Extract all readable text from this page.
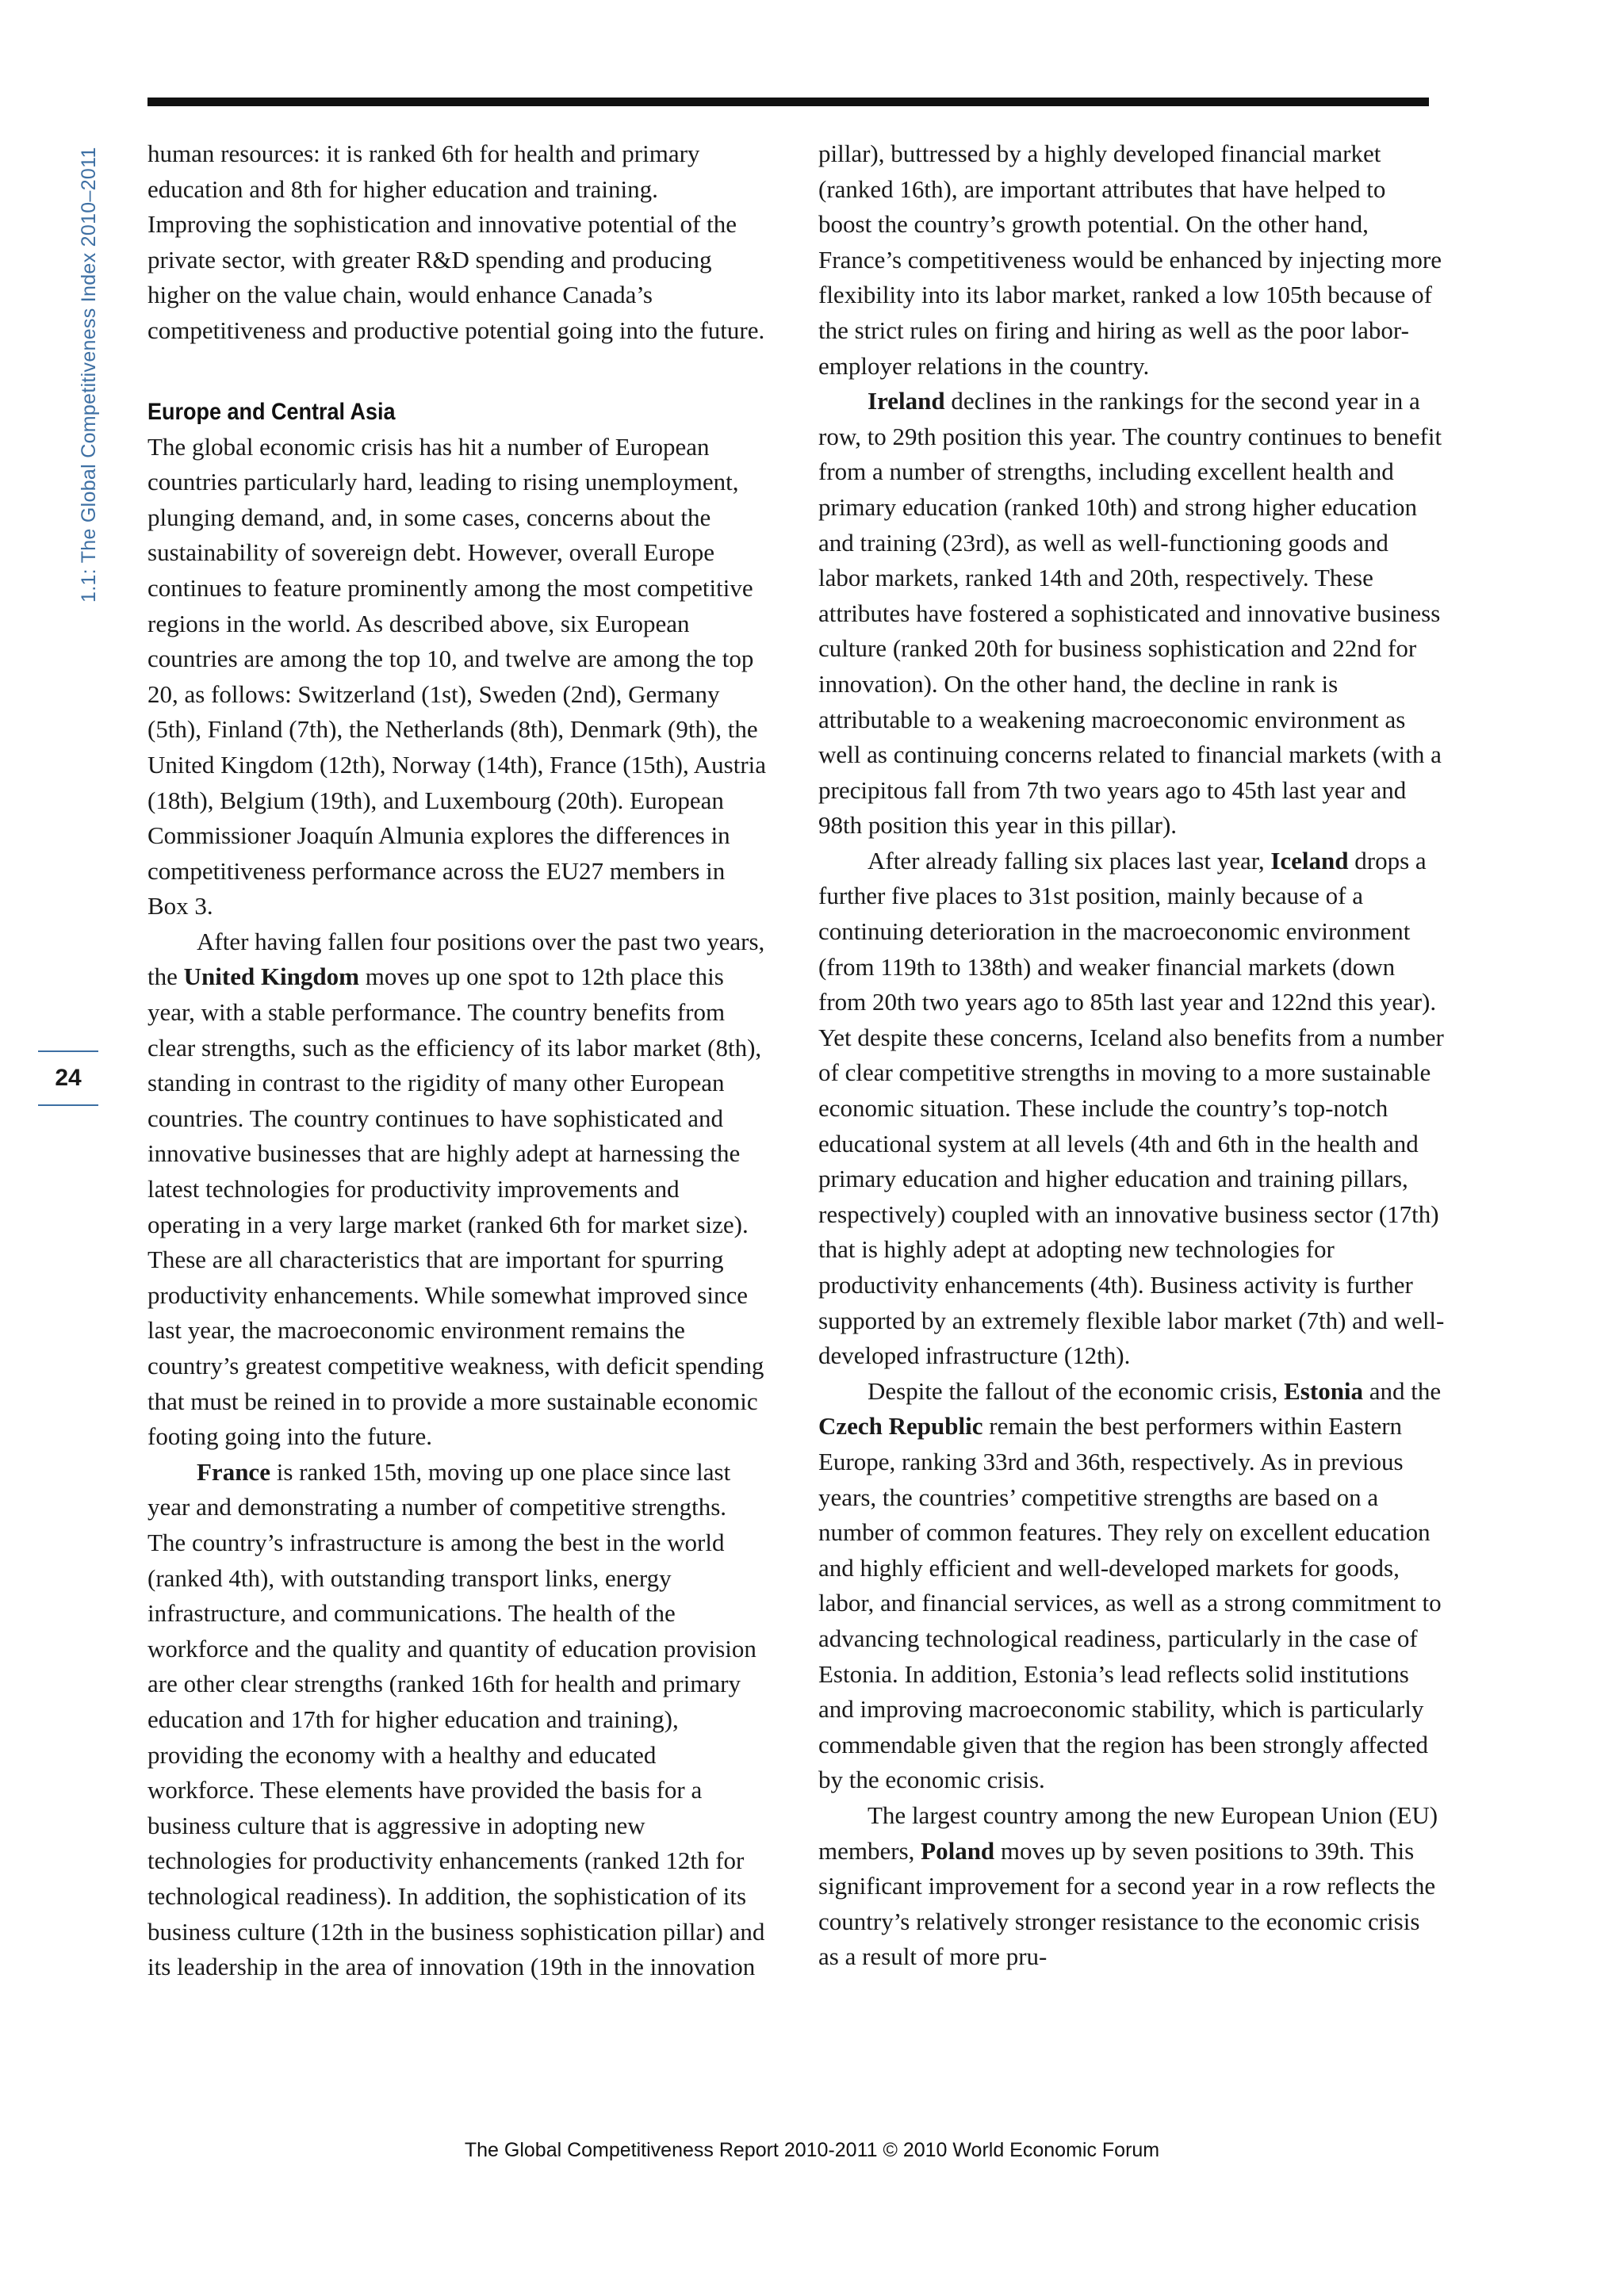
1.1: The Global Competitiveness Index 2010–2011
24

human resources: it is ranked 6th for health and primary education and 8th for higher education and training. Improving the sophistication and innovative potential of the private sector, with greater R&D spending and producing higher on the value chain, would enhance Canada’s competitiveness and productive potential going into the future.

Europe and Central Asia

The global economic crisis has hit a number of European countries particularly hard, leading to rising unemployment, plunging demand, and, in some cases, concerns about the sustainability of sovereign debt. However, overall Europe continues to feature prominently among the most competitive regions in the world. As described above, six European countries are among the top 10, and twelve are among the top 20, as follows: Switzerland (1st), Sweden (2nd), Germany (5th), Finland (7th), the Netherlands (8th), Denmark (9th), the United Kingdom (12th), Norway (14th), France (15th), Austria (18th), Belgium (19th), and Luxembourg (20th). European Commissioner Joaquín Almunia explores the differences in competitiveness performance across the EU27 members in Box 3.

After having fallen four positions over the past two years, the United Kingdom moves up one spot to 12th place this year, with a stable performance. The country benefits from clear strengths, such as the efficiency of its labor market (8th), standing in contrast to the rigidity of many other European countries. The country continues to have sophisticated and innovative businesses that are highly adept at harnessing the latest technologies for productivity improvements and operating in a very large market (ranked 6th for market size). These are all characteristics that are important for spurring productivity enhancements. While somewhat improved since last year, the macroeconomic environment remains the country’s greatest competitive weakness, with deficit spending that must be reined in to provide a more sustainable economic footing going into the future.

France is ranked 15th, moving up one place since last year and demonstrating a number of competitive strengths. The country’s infrastructure is among the best in the world (ranked 4th), with outstanding transport links, energy infrastructure, and communications. The health of the workforce and the quality and quantity of education provision are other clear strengths (ranked 16th for health and primary education and 17th for higher education and training), providing the economy with a healthy and educated workforce. These elements have provided the basis for a business culture that is aggressive in adopting new technologies for productivity enhancements (ranked 12th for technological readiness). In addition, the sophistication of its business culture (12th in the business sophistication pillar) and its leadership in the area of innovation (19th in the innovation

pillar), buttressed by a highly developed financial market (ranked 16th), are important attributes that have helped to boost the country’s growth potential. On the other hand, France’s competitiveness would be enhanced by injecting more flexibility into its labor market, ranked a low 105th because of the strict rules on firing and hiring as well as the poor labor-employer relations in the country.

Ireland declines in the rankings for the second year in a row, to 29th position this year. The country continues to benefit from a number of strengths, including excellent health and primary education (ranked 10th) and strong higher education and training (23rd), as well as well-functioning goods and labor markets, ranked 14th and 20th, respectively. These attributes have fostered a sophisticated and innovative business culture (ranked 20th for business sophistication and 22nd for innovation). On the other hand, the decline in rank is attributable to a weakening macroeconomic environment as well as continuing concerns related to financial markets (with a precipitous fall from 7th two years ago to 45th last year and 98th position this year in this pillar).

After already falling six places last year, Iceland drops a further five places to 31st position, mainly because of a continuing deterioration in the macroeconomic environment (from 119th to 138th) and weaker financial markets (down from 20th two years ago to 85th last year and 122nd this year). Yet despite these concerns, Iceland also benefits from a number of clear competitive strengths in moving to a more sustainable economic situation. These include the country’s top-notch educational system at all levels (4th and 6th in the health and primary education and higher education and training pillars, respectively) coupled with an innovative business sector (17th) that is highly adept at adopting new technologies for productivity enhancements (4th). Business activity is further supported by an extremely flexible labor market (7th) and well-developed infrastructure (12th).

Despite the fallout of the economic crisis, Estonia and the Czech Republic remain the best performers within Eastern Europe, ranking 33rd and 36th, respectively. As in previous years, the countries’ competitive strengths are based on a number of common features. They rely on excellent education and highly efficient and well-developed markets for goods, labor, and financial services, as well as a strong commitment to advancing technological readiness, particularly in the case of Estonia. In addition, Estonia’s lead reflects solid institutions and improving macroeconomic stability, which is particularly commendable given that the region has been strongly affected by the economic crisis.

The largest country among the new European Union (EU) members, Poland moves up by seven positions to 39th. This significant improvement for a second year in a row reflects the country’s relatively stronger resistance to the economic crisis as a result of more pru-

The Global Competitiveness Report 2010-2011 © 2010 World Economic Forum
